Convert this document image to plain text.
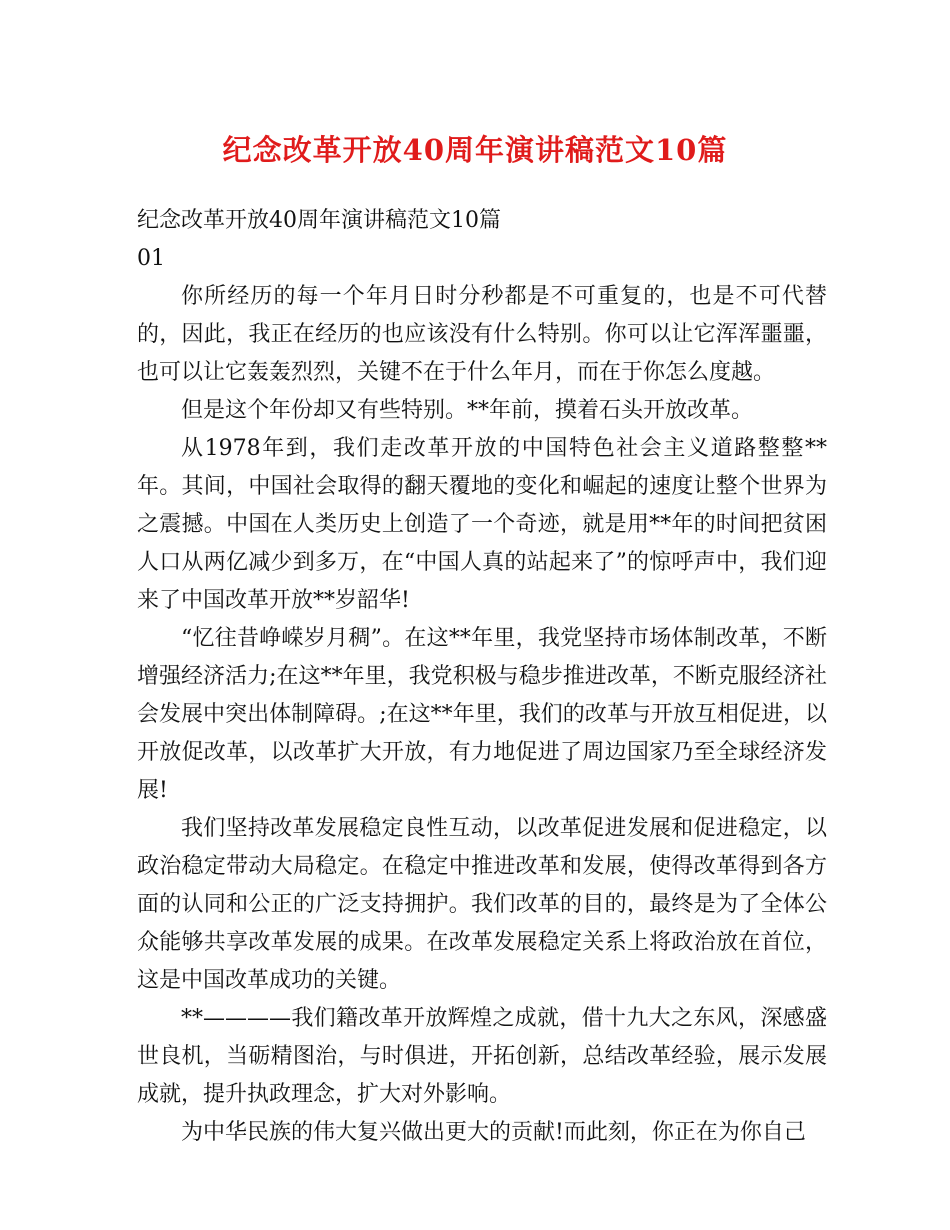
纪念改革开放40周年演讲稿范文10篇

纪念改革开放40周年演讲稿范文10篇

01

你所经历的每一个年月日时分秒都是不可重复的，也是不可代替的，因此，我正在经历的也应该没有什么特别。你可以让它浑浑噩噩，也可以让它轰轰烈烈，关键不在于什么年月，而在于你怎么度越。

但是这个年份却又有些特别。**年前，摸着石头开放改革。

从1978年到，我们走改革开放的中国特色社会主义道路整整**年。其间，中国社会取得的翻天覆地的变化和崛起的速度让整个世界为之震撼。中国在人类历史上创造了一个奇迹，就是用**年的时间把贫困人口从两亿减少到多万，在“中国人真的站起来了”的惊呼声中，我们迎来了中国改革开放**岁韶华!

“忆往昔峥嵘岁月稠”。在这**年里，我党坚持市场体制改革，不断增强经济活力;在这**年里，我党积极与稳步推进改革，不断克服经济社会发展中突出体制障碍。;在这**年里，我们的改革与开放互相促进，以开放促改革，以改革扩大开放，有力地促进了周边国家乃至全球经济发展!

我们坚持改革发展稳定良性互动，以改革促进发展和促进稳定，以政治稳定带动大局稳定。在稳定中推进改革和发展，使得改革得到各方面的认同和公正的广泛支持拥护。我们改革的目的，最终是为了全体公众能够共享改革发展的成果。在改革发展稳定关系上将政治放在首位，这是中国改革成功的关键。

**————我们籍改革开放辉煌之成就，借十九大之东风，深感盛世良机，当砺精图治，与时俱进，开拓创新，总结改革经验，展示发展成就，提升执政理念，扩大对外影响。

为中华民族的伟大复兴做出更大的贡献!而此刻，你正在为你自己
